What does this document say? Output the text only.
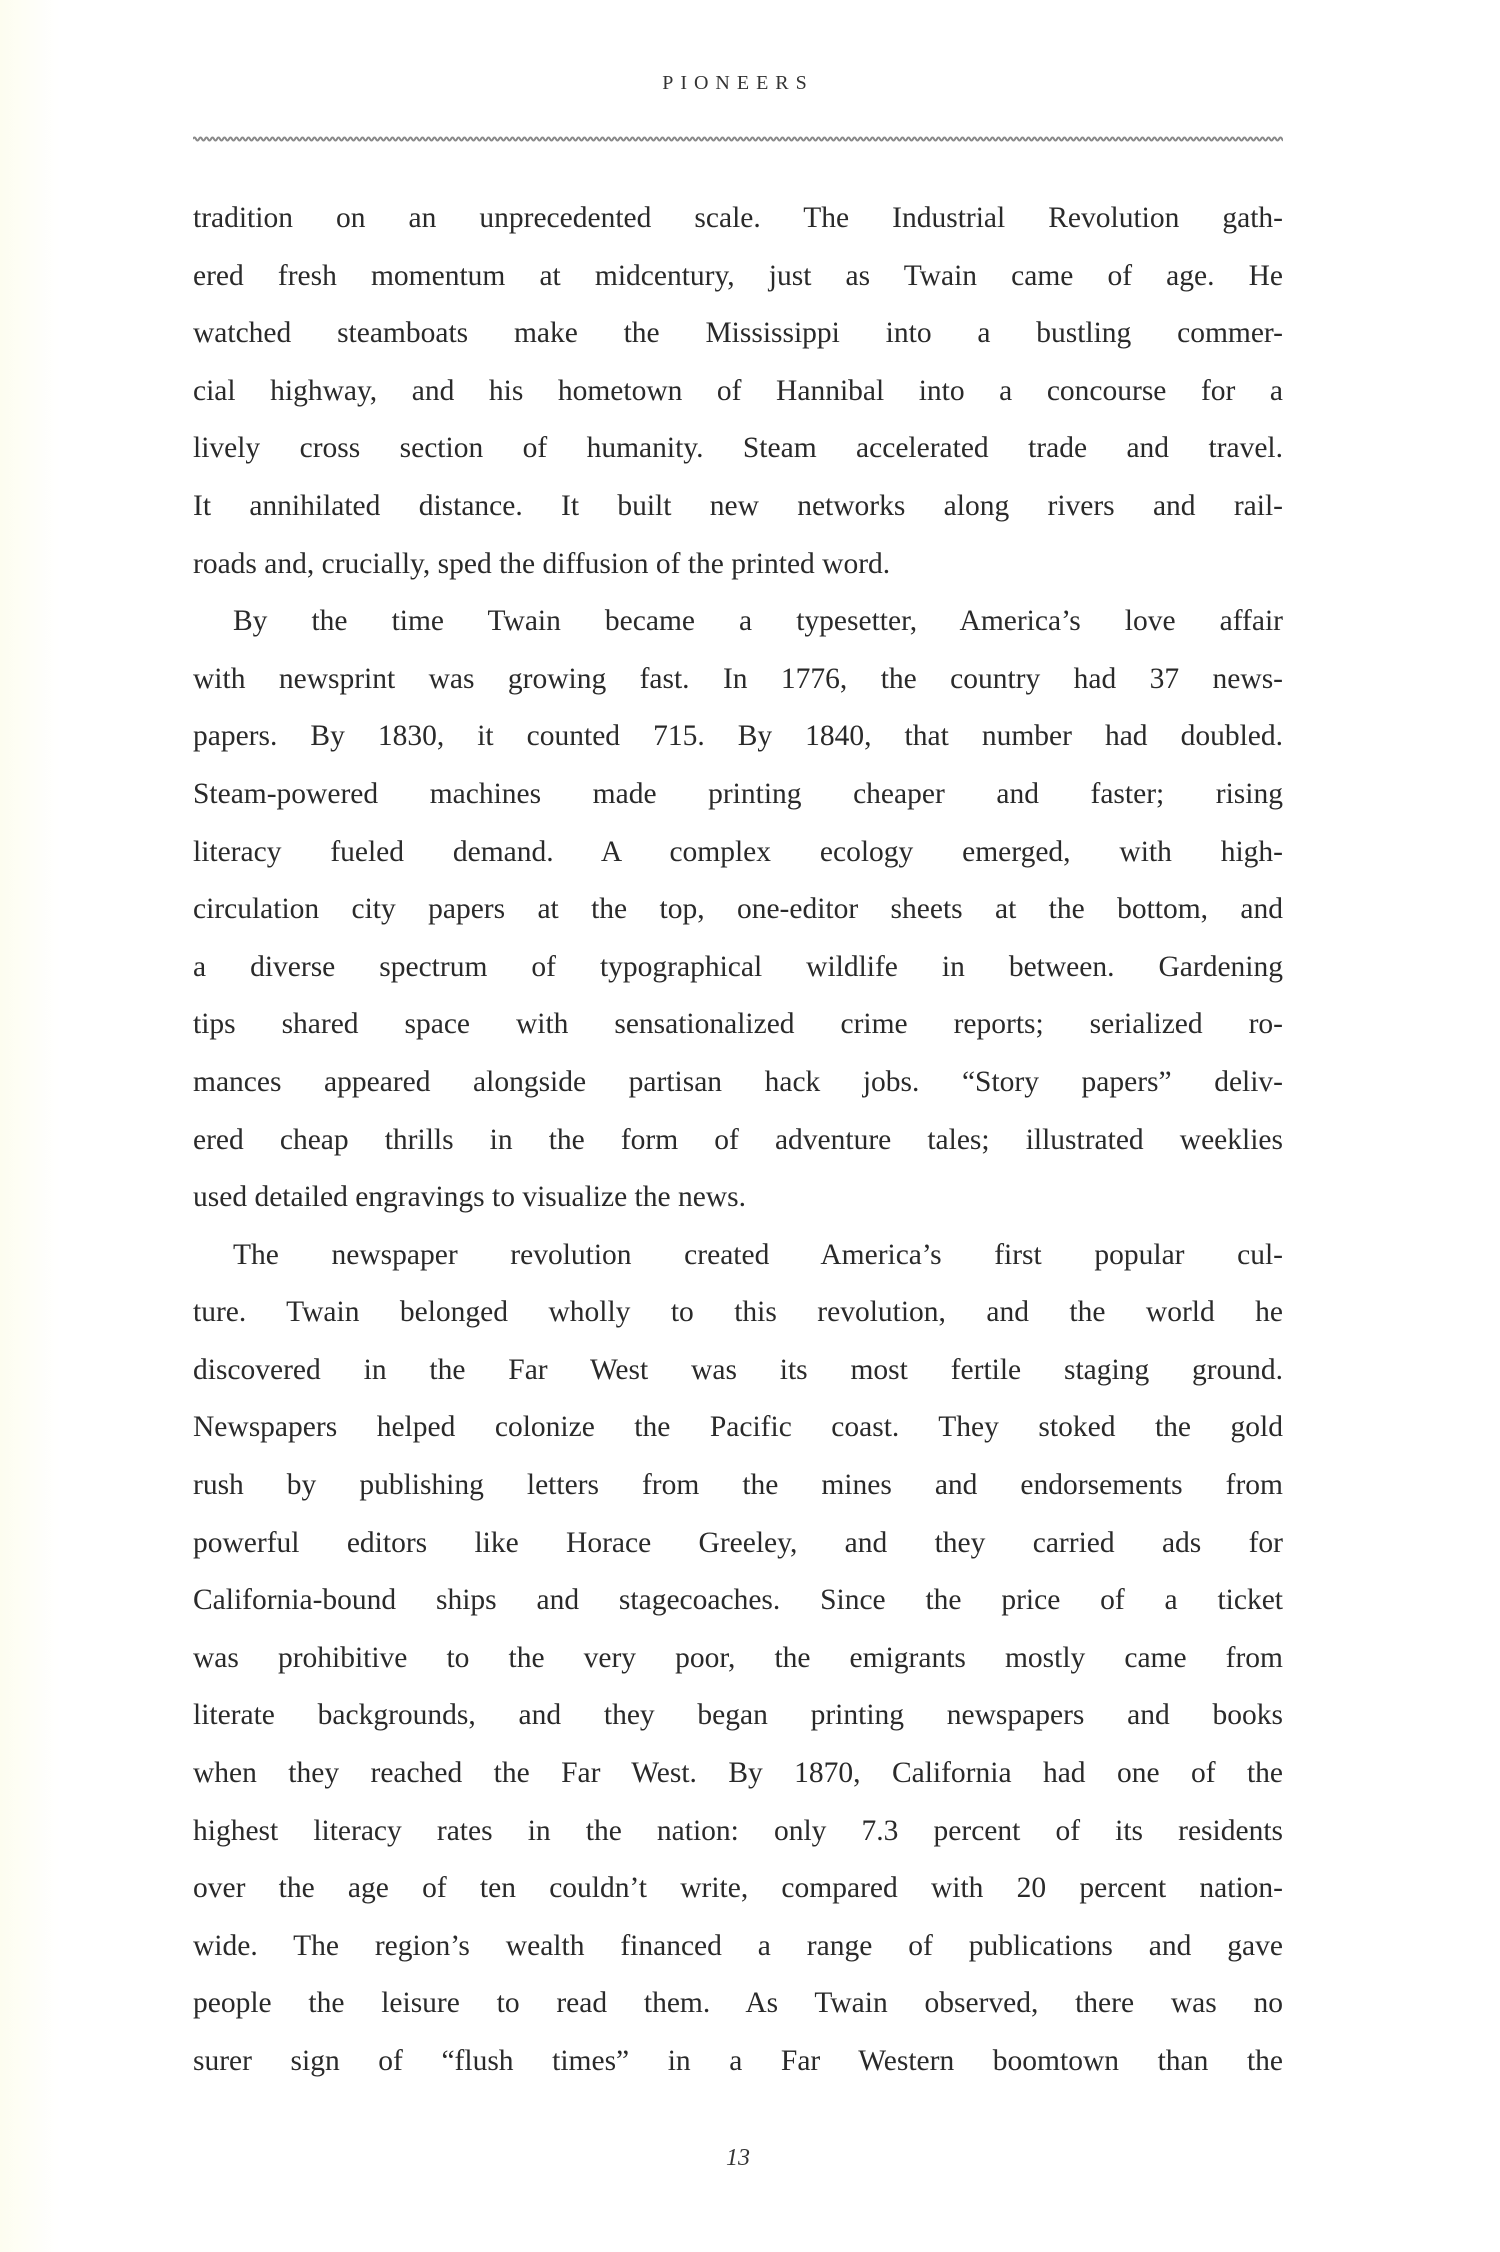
PIONEERS
tradition on an unprecedented scale. The Industrial Revolution gath-
ered fresh momentum at midcentury, just as Twain came of age. He
watched steamboats make the Mississippi into a bustling commer-
cial highway, and his hometown of Hannibal into a concourse for a
lively cross section of humanity. Steam accelerated trade and travel.
It annihilated distance. It built new networks along rivers and rail-
roads and, crucially, sped the diffusion of the printed word.
By the time Twain became a typesetter, America’s love affair
with newsprint was growing fast. In 1776, the country had 37 news-
papers. By 1830, it counted 715. By 1840, that number had doubled.
Steam-powered machines made printing cheaper and faster; rising
literacy fueled demand. A complex ecology emerged, with high-
circulation city papers at the top, one-editor sheets at the bottom, and
a diverse spectrum of typographical wildlife in between. Gardening
tips shared space with sensationalized crime reports; serialized ro-
mances appeared alongside partisan hack jobs. “Story papers” deliv-
ered cheap thrills in the form of adventure tales; illustrated weeklies
used detailed engravings to visualize the news.
The newspaper revolution created America’s first popular cul-
ture. Twain belonged wholly to this revolution, and the world he
discovered in the Far West was its most fertile staging ground.
Newspapers helped colonize the Pacific coast. They stoked the gold
rush by publishing letters from the mines and endorsements from
powerful editors like Horace Greeley, and they carried ads for
California-bound ships and stagecoaches. Since the price of a ticket
was prohibitive to the very poor, the emigrants mostly came from
literate backgrounds, and they began printing newspapers and books
when they reached the Far West. By 1870, California had one of the
highest literacy rates in the nation: only 7.3 percent of its residents
over the age of ten couldn’t write, compared with 20 percent nation-
wide. The region’s wealth financed a range of publications and gave
people the leisure to read them. As Twain observed, there was no
surer sign of “flush times” in a Far Western boomtown than the
13
